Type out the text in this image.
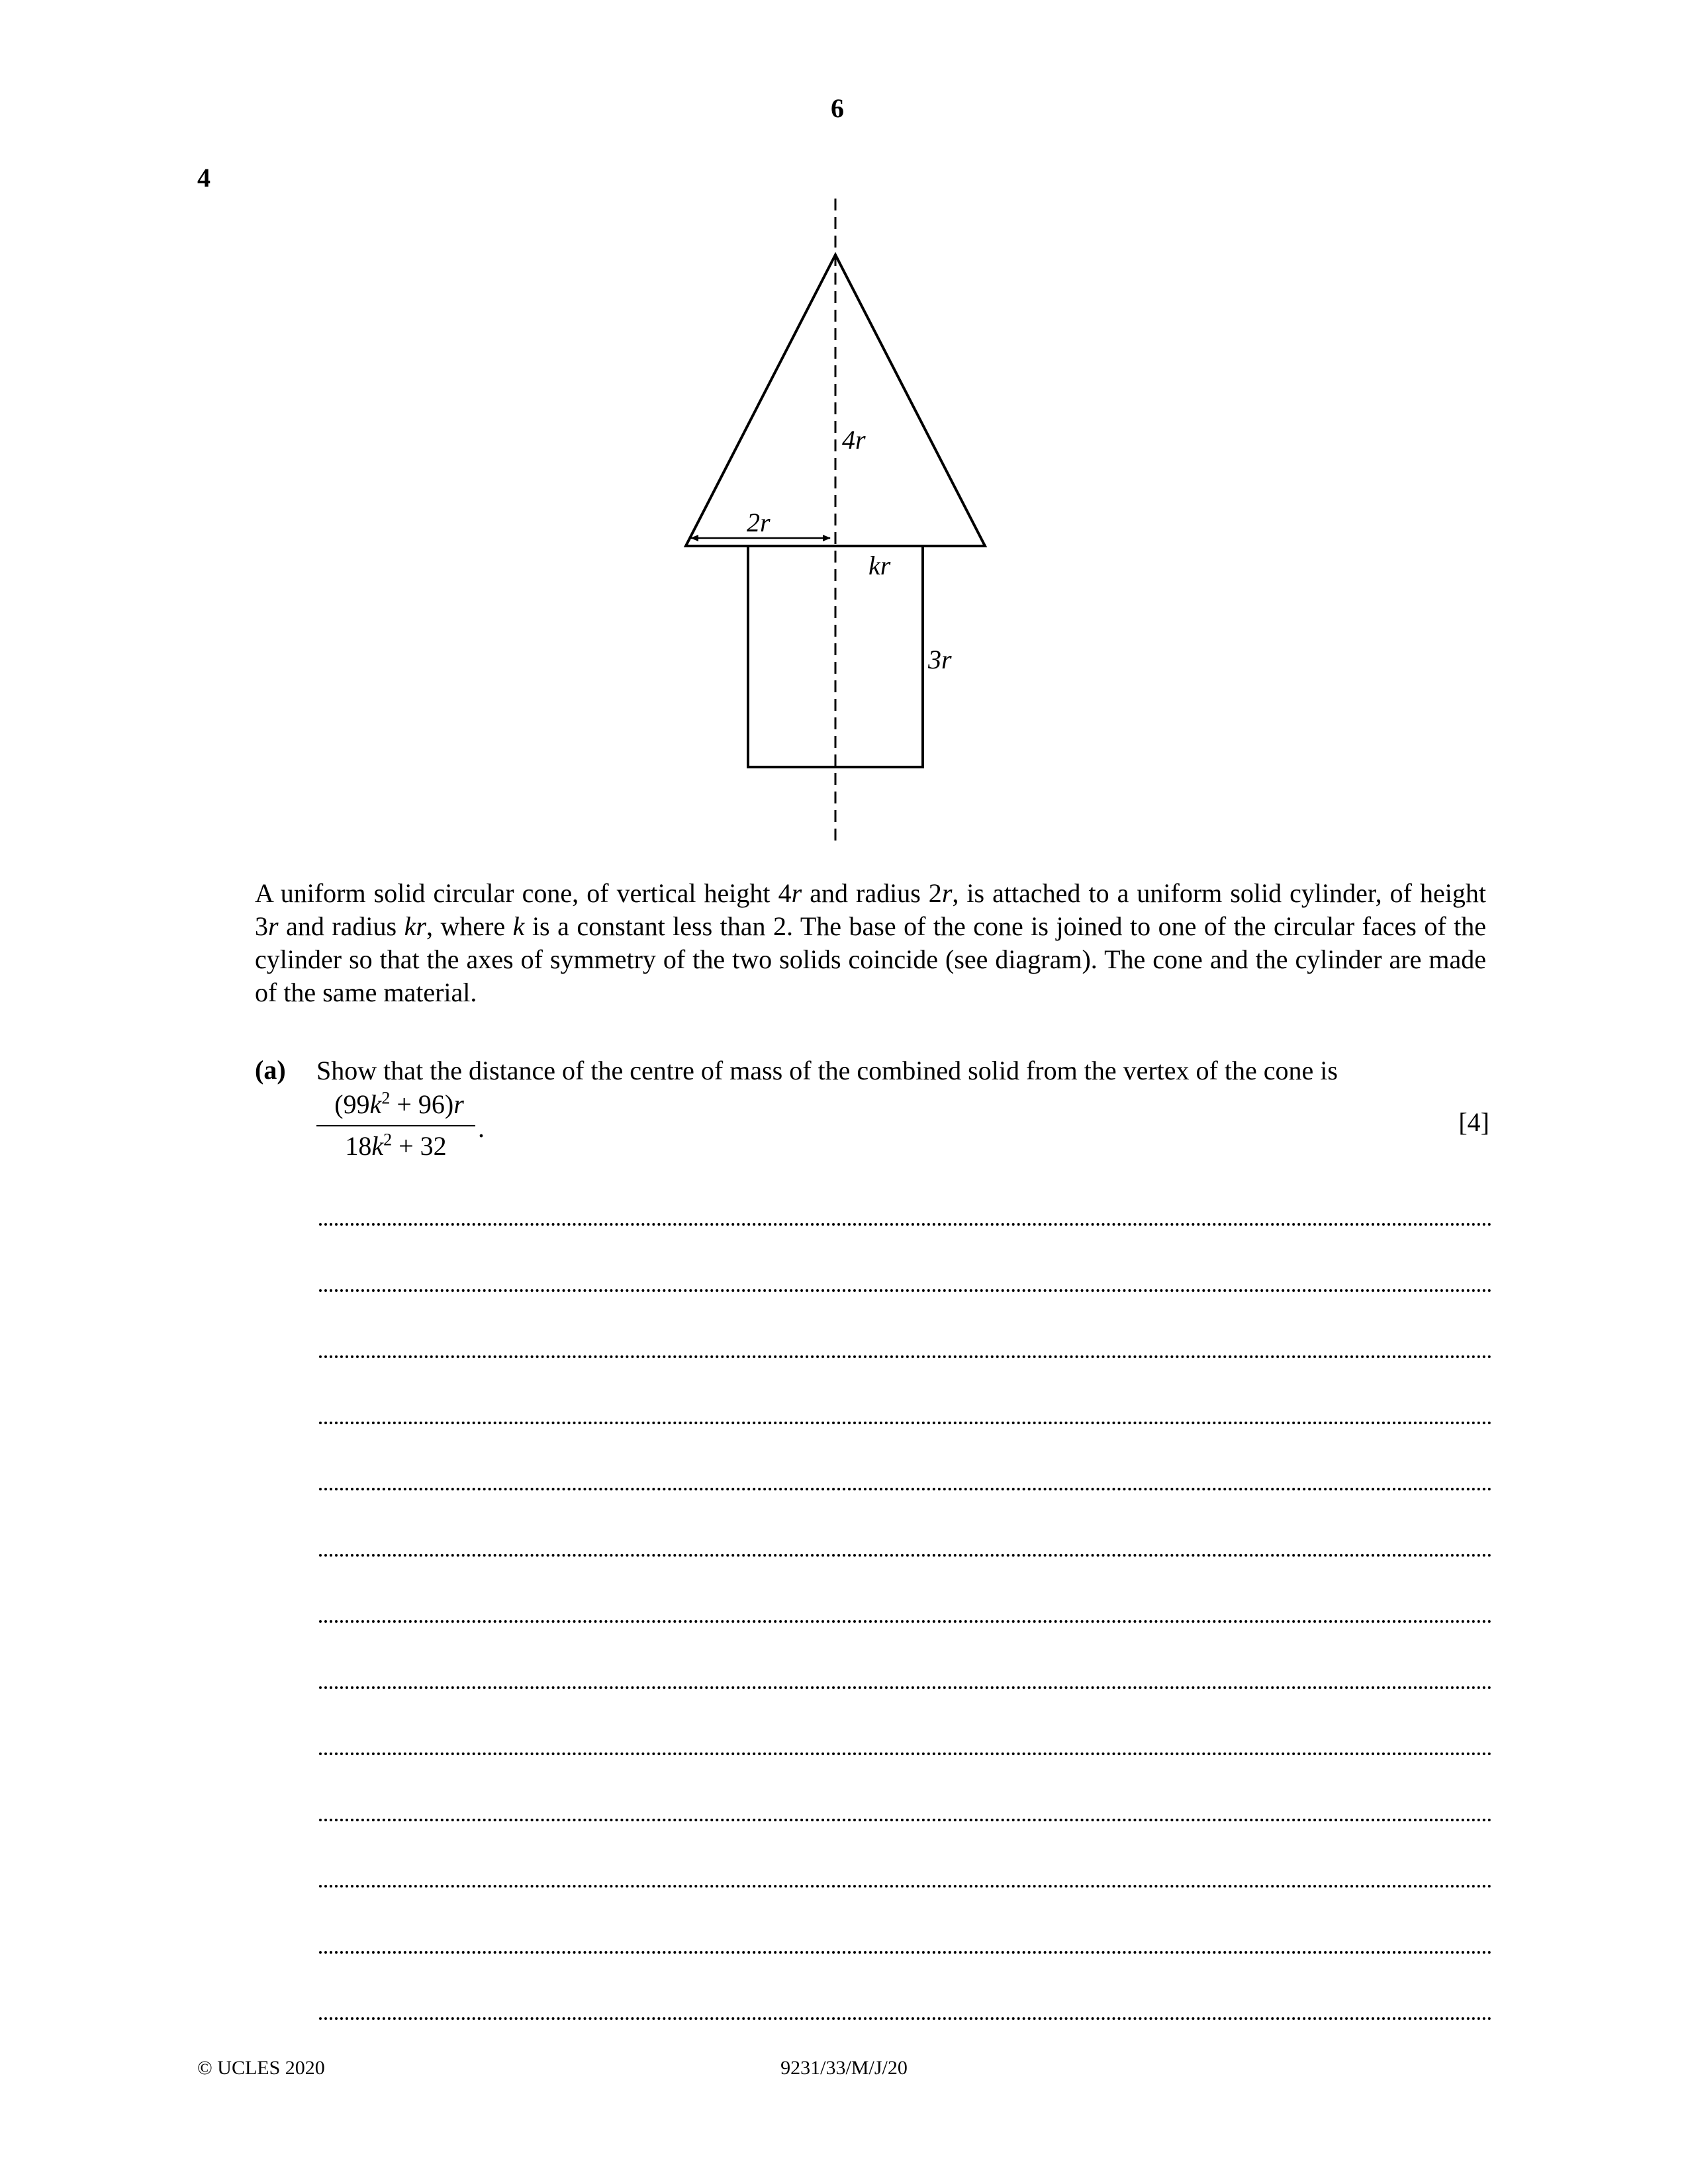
6
4
4r
2r
kr
3r
A uniform solid circular cone, of vertical height 4r and radius 2r, is attached to a uniform solid cylinder, of height 3r and radius kr, where k is a constant less than 2. The base of the cone is joined to one of the circular faces of the cylinder so that the axes of symmetry of the two solids coincide (see diagram). The cone and the cylinder are made of the same material.
(a) Show that the distance of the centre of mass of the combined solid from the vertex of the cone is
$(99k^2 + 96)r$
$18k^2 + 32$
.	[4]
© UCLES 2020	9231/33/M/J/20
